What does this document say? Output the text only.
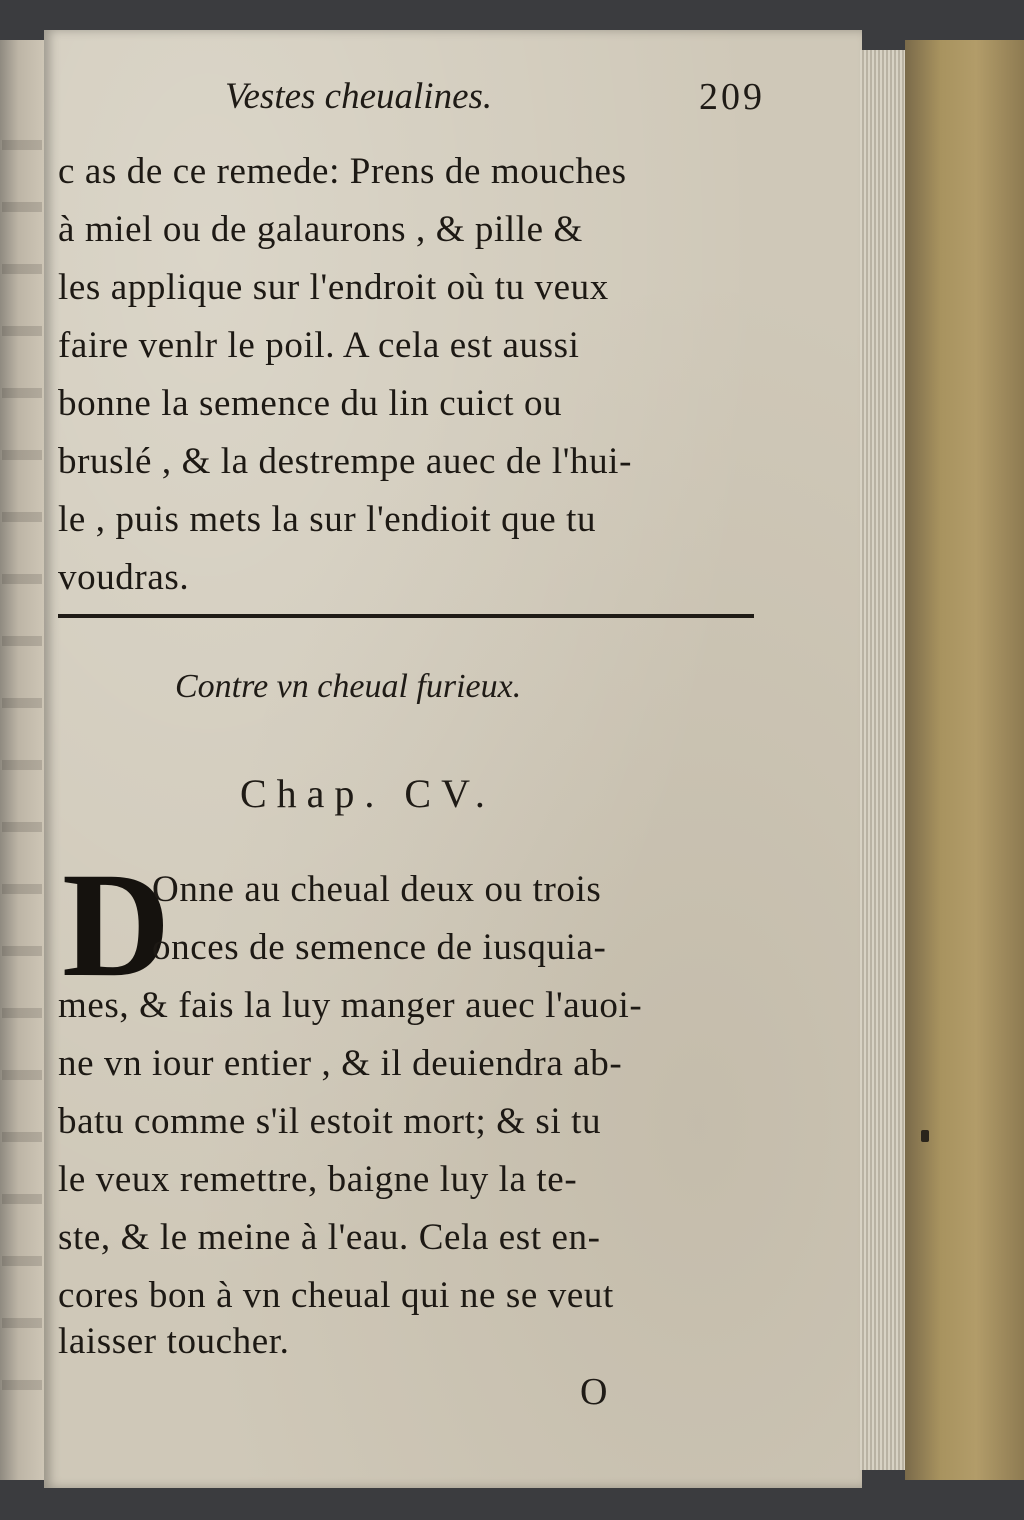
Vestes cheualines.	209
c as de ce remede: Prens de mouches
à miel ou de galaurons , & pille &
les applique sur l'endroit où tu veux
faire venlr le poil. A cela est aussi
bonne la semence du lin cuict ou
bruslé , & la destrempe auec de l'hui-
le , puis mets la sur l'endioit que tu
voudras.
Contre vn cheual furieux.
Chap. CV.
D
Onne au cheual deux ou trois
onces de semence de iusquia-
mes, & fais la luy manger auec l'auoi-
ne vn iour entier , & il deuiendra ab-
batu comme s'il estoit mort; & si tu
le veux remettre, baigne luy la te-
ste, & le meine à l'eau. Cela est en-
cores bon à vn cheual qui ne se veut
laisser toucher.
O
